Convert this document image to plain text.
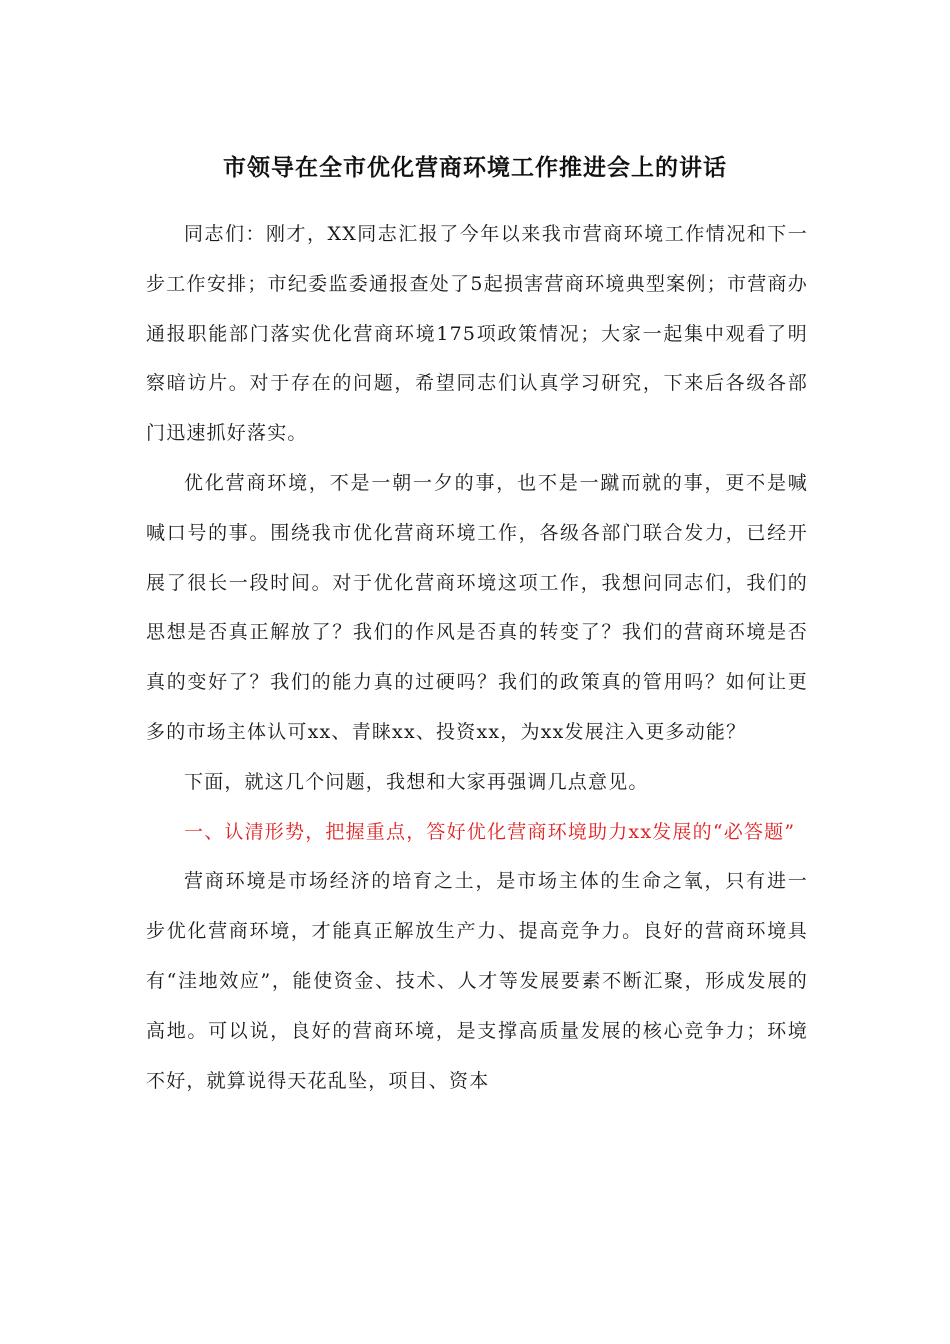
市领导在全市优化营商环境工作推进会上的讲话

同志们：刚才，XX同志汇报了今年以来我市营商环境工作情况和下一步工作安排；市纪委监委通报查处了5起损害营商环境典型案例；市营商办通报职能部门落实优化营商环境175项政策情况；大家一起集中观看了明察暗访片。对于存在的问题，希望同志们认真学习研究，下来后各级各部门迅速抓好落实。

优化营商环境，不是一朝一夕的事，也不是一蹴而就的事，更不是喊喊口号的事。围绕我市优化营商环境工作，各级各部门联合发力，已经开展了很长一段时间。对于优化营商环境这项工作，我想问同志们，我们的思想是否真正解放了？我们的作风是否真的转变了？我们的营商环境是否真的变好了？我们的能力真的过硬吗？我们的政策真的管用吗？如何让更多的市场主体认可xx、青睐xx、投资xx，为xx发展注入更多动能？

下面，就这几个问题，我想和大家再强调几点意见。

一、认清形势，把握重点，答好优化营商环境助力xx发展的“必答题”

营商环境是市场经济的培育之土，是市场主体的生命之氧，只有进一步优化营商环境，才能真正解放生产力、提高竞争力。良好的营商环境具有“洼地效应”，能使资金、技术、人才等发展要素不断汇聚，形成发展的高地。可以说，良好的营商环境，是支撑高质量发展的核心竞争力；环境不好，就算说得天花乱坠，项目、资本
